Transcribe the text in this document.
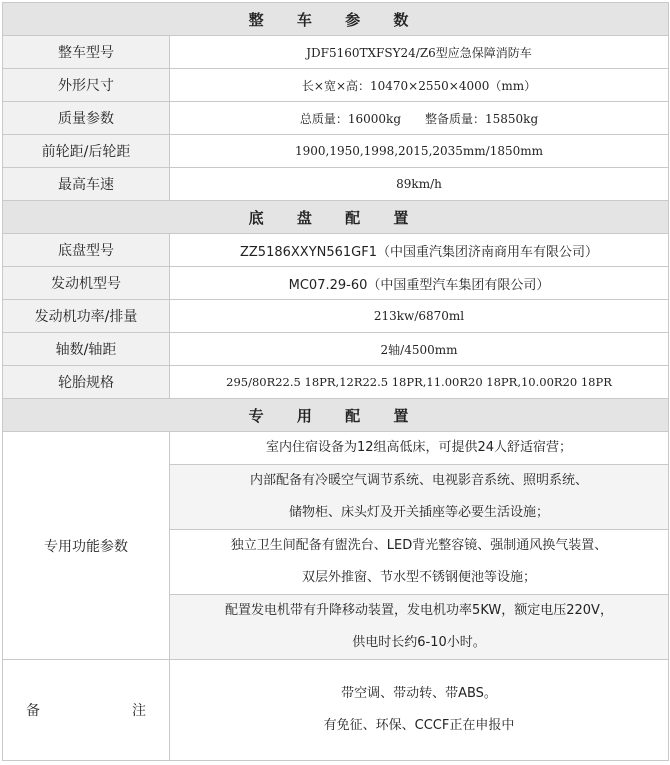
整 车 参 数	
整车型号	JDF5160TXFSY24/Z6型应急保障消防车
外形尺寸	长×宽×高：10470×2550×4000（mm）
质量参数	总质量：16000kg　　整备质量：15850kg
前轮距/后轮距	1900,1950,1998,2015,2035mm/1850mm
最高车速	89km/h
底 盘 配 置	
底盘型号	ZZ5186XXYN561GF1（中国重汽集团济南商用车有限公司）
发动机型号	MC07.29-60（中国重型汽车集团有限公司）
发动机功率/排量	213kw/6870ml
轴数/轴距	2轴/4500mm
轮胎规格	295/80R22.5 18PR,12R22.5 18PR,11.00R20 18PR,10.00R20 18PR
专 用 配 置	
专用功能参数	室内住宿设备为12组高低床，可提供24人舒适宿营；

	内部配备有冷暖空气调节系统、电视影音系统、照明系统、
储物柜、床头灯及开关插座等必要生活设施；

	独立卫生间配备有盥洗台、LED背光整容镜、强制通风换气装置、
双层外推窗、节水型不锈钢便池等设施；

	配置发电机带有升降移动装置，发电机功率5KW，额定电压220V，
供电时长约6-10小时。

备　注	带空调、带动转、带ABS。
有免征、环保、CCCF正在申报中
